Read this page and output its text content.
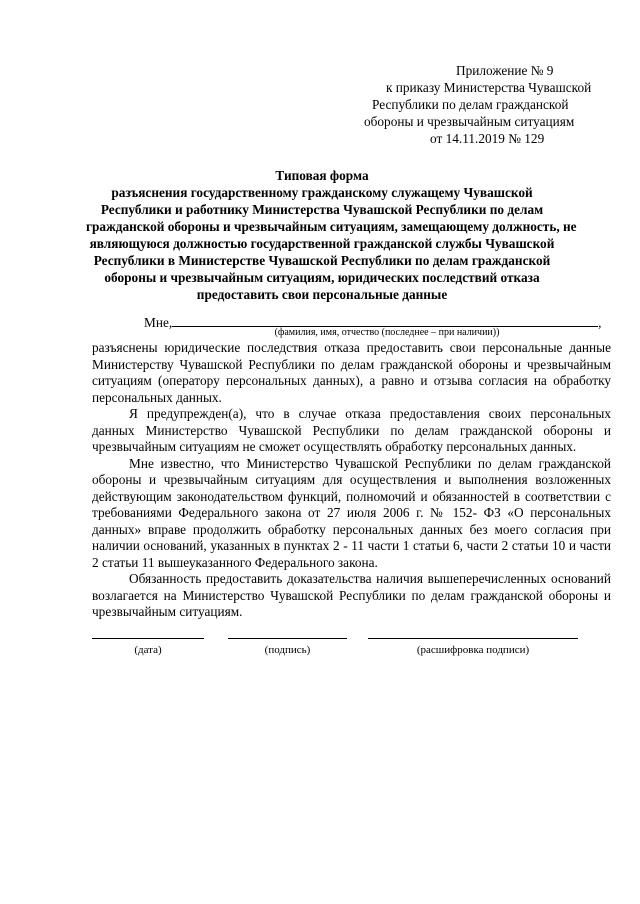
Приложение № 9
к приказу Министерства Чувашской
Республики по делам гражданской
обороны и чрезвычайным ситуациям
от 14.11.2019 № 129
Типовая форма
разъяснения государственному гражданскому служащему Чувашской
Республики и работнику Министерства Чувашской Республики по делам
гражданской обороны и чрезвычайным ситуациям, замещающему должность, не
являющуюся должностью государственной гражданской службы Чувашской
Республики в Министерстве Чувашской Республики по делам гражданской
обороны и чрезвычайным ситуациям, юридических последствий отказа
предоставить свои персональные данные
Мне,	,
(фамилия, имя, отчество (последнее – при наличии))

разъяснены юридические последствия отказа предоставить свои персональные данные Министерству Чувашской Республики по делам гражданской обороны и чрезвычайным ситуациям (оператору персональных данных), а равно и отзыва согласия на обработку персональных данных.

Я предупрежден(а), что в случае отказа предоставления своих персональных данных Министерство Чувашской Республики по делам гражданской обороны и чрезвычайным ситуациям не сможет осуществлять обработку персональных данных.

Мне известно, что Министерство Чувашской Республики по делам гражданской обороны и чрезвычайным ситуациям для осуществления и выполнения возложенных действующим законодательством функций, полномочий и обязанностей в соответствии с требованиями Федерального закона от 27 июля 2006 г. № 152- ФЗ «О персональных данных» вправе продолжить обработку персональных данных без моего согласия при наличии оснований, указанных в пунктах 2 - 11 части 1 статьи 6, части 2 статьи 10 и части 2 статьи 11 вышеуказанного Федерального закона.

Обязанность предоставить доказательства наличия вышеперечисленных оснований возлагается на Министерство Чувашской Республики по делам гражданской обороны и чрезвычайным ситуациям.

(дата)	(подпись)	(расшифровка подписи)
